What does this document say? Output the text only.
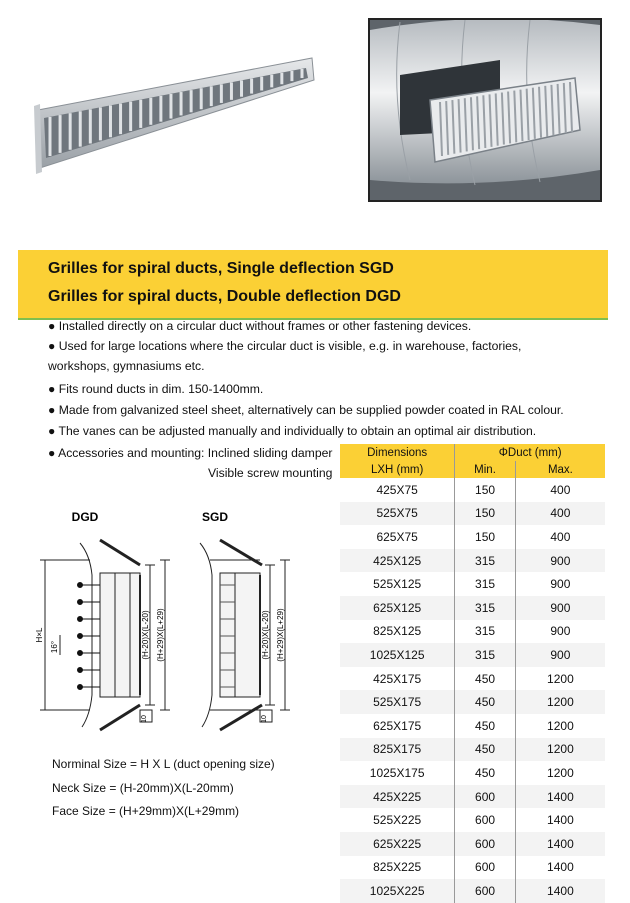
Grilles for spiral ducts, Single deflection SGD
Grilles for spiral ducts, Double deflection DGD
● Installed directly on a circular duct without frames or other fastening devices.
● Used for large locations where the circular duct is visible, e.g. in warehouse, factories,
workshops, gymnasiums etc.
● Fits round ducts in dim. 150-1400mm.
● Made from galvanized steel sheet, alternatively can be supplied powder coated in RAL colour.
● The vanes can be adjusted manually and individually to obtain an optimal air distribution.
● Accessories and mounting: Inclined sliding damper
Visible screw mounting
DGD	SGD
H×L	(H-20)X(L-20) (H+29)X(L+29)
16°
10
(H-20)X(L-20) (H+29)X(L+29)
10
Norminal Size = H X L (duct opening size)
Neck Size = (H-20mm)X(L-20mm)
Face Size = (H+29mm)X(L+29mm)
Dimensions	ΦDuct (mm)	
LXH (mm)	Min.	Max.
425X75	150	400
525X75	150	400
625X75	150	400
425X125	315	900
525X125	315	900
625X125	315	900
825X125	315	900
1025X125	315	900
425X175	450	1200
525X175	450	1200
625X175	450	1200
825X175	450	1200
1025X175	450	1200
425X225	600	1400
525X225	600	1400
625X225	600	1400
825X225	600	1400
1025X225	600	1400
